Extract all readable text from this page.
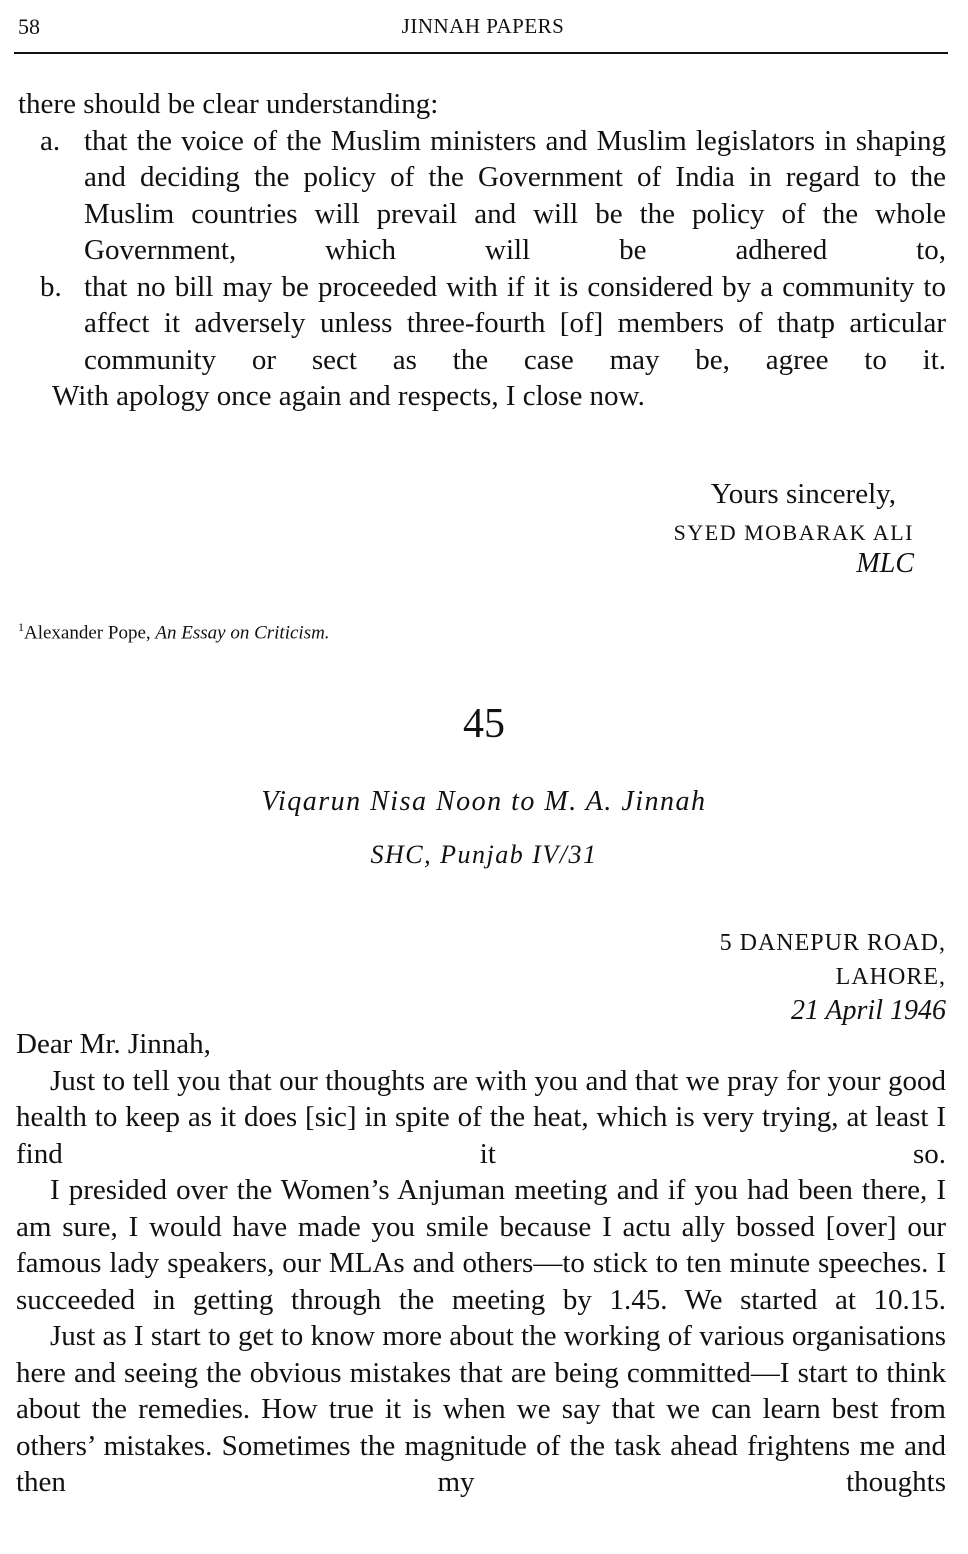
58	JINNAH PAPERS
there should be clear understanding:
a. that the voice of the Muslim ministers and Muslim legislators in shaping and deciding the policy of the Government of India in regard to the Muslim countries will prevail and will be the policy of the whole Government, which will be adhered to,
b. that no bill may be proceeded with if it is considered by a community to affect it adversely unless three-fourth [of] members of thatp articular community or sect as the case may be, agree to it.
With apology once again and respects, I close now.
Yours sincerely,
SYED MOBARAK ALI
MLC
$^1$Alexander Pope, An Essay on Criticism.
45
Viqarun Nisa Noon to M. A. Jinnah
SHC, Punjab IV/31
5 DANEPUR ROAD,
LAHORE,
21 April 1946
Dear Mr. Jinnah,
Just to tell you that our thoughts are with you and that we pray for your good health to keep as it does [sic] in spite of the heat, which is very trying, at least I find it so.
I presided over the Women’s Anjuman meeting and if you had been there, I am sure, I would have made you smile because I actu ally bossed [over] our famous lady speakers, our MLAs and others—to stick to ten minute speeches. I succeeded in getting through the meeting by 1.45. We started at 10.15.
Just as I start to get to know more about the working of various organisations here and seeing the obvious mistakes that are being committed—I start to think about the remedies. How true it is when we say that we can learn best from others’ mistakes. Sometimes the magnitude of the task ahead frightens me and then my thoughts
